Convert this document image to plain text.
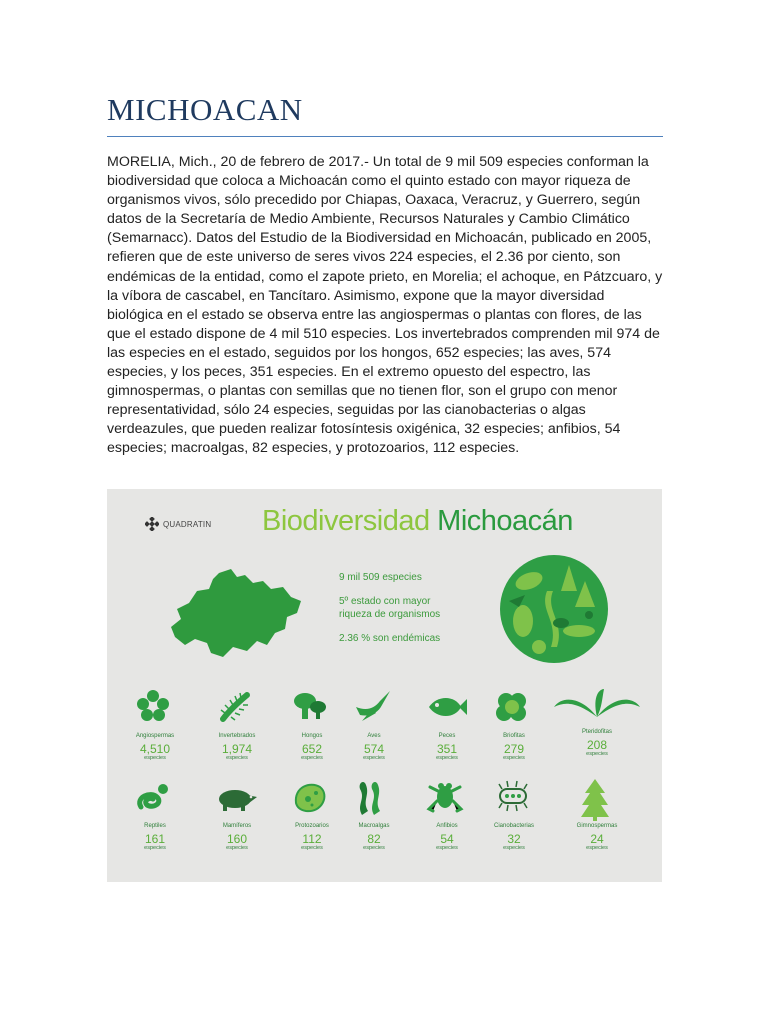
MICHOACAN

MORELIA, Mich., 20 de febrero de 2017.- Un total de 9 mil 509 especies conforman la biodiversidad que coloca a Michoacán como el quinto estado con mayor riqueza de organismos vivos, sólo precedido por Chiapas, Oaxaca, Veracruz, y Guerrero, según datos de la Secretaría de Medio Ambiente, Recursos Naturales y Cambio Climático (Semarnacc). Datos del Estudio de la Biodiversidad en Michoacán, publicado en 2005, refieren que de este universo de seres vivos 224 especies, el 2.36 por ciento, son endémicas de la entidad, como el zapote prieto, en Morelia; el achoque, en Pátzcuaro, y la víbora de cascabel, en Tancítaro. Asimismo, expone que la mayor diversidad biológica en el estado se observa entre las angiospermas o plantas con flores, de las que el estado dispone de 4 mil 510 especies. Los invertebrados comprenden mil 974 de las especies en el estado, seguidos por los hongos, 652 especies; las aves, 574 especies, y los peces, 351 especies. En el extremo opuesto del espectro, las gimnospermas, o plantas con semillas que no tienen flor, son el grupo con menor representatividad, sólo 24 especies, seguidas por las cianobacterias o algas verdeazules, que pueden realizar fotosíntesis oxigénica, 32 especies; anfibios, 54 especies; macroalgas, 82 especies, y protozoarios, 112 especies.

QUADRATIN Biodiversidad Michoacán
9 mil 509 especies
5º estado con mayor riqueza de organismos
2.36 % son endémicas
Angiospermas
4,510
especies
Invertebrados
1,974
especies
Hongos
652
especies
Aves
574
especies
Peces
351
especies
Briofitas
279
especies
Pteridofitas
208
especies
Reptiles
161
especies
Mamíferos
160
especies
Protozoarios
112
especies
Macroalgas
82
especies
Anfibios
54
especies
Cianobacterias
32
especies
Gimnospermas
24
especies
